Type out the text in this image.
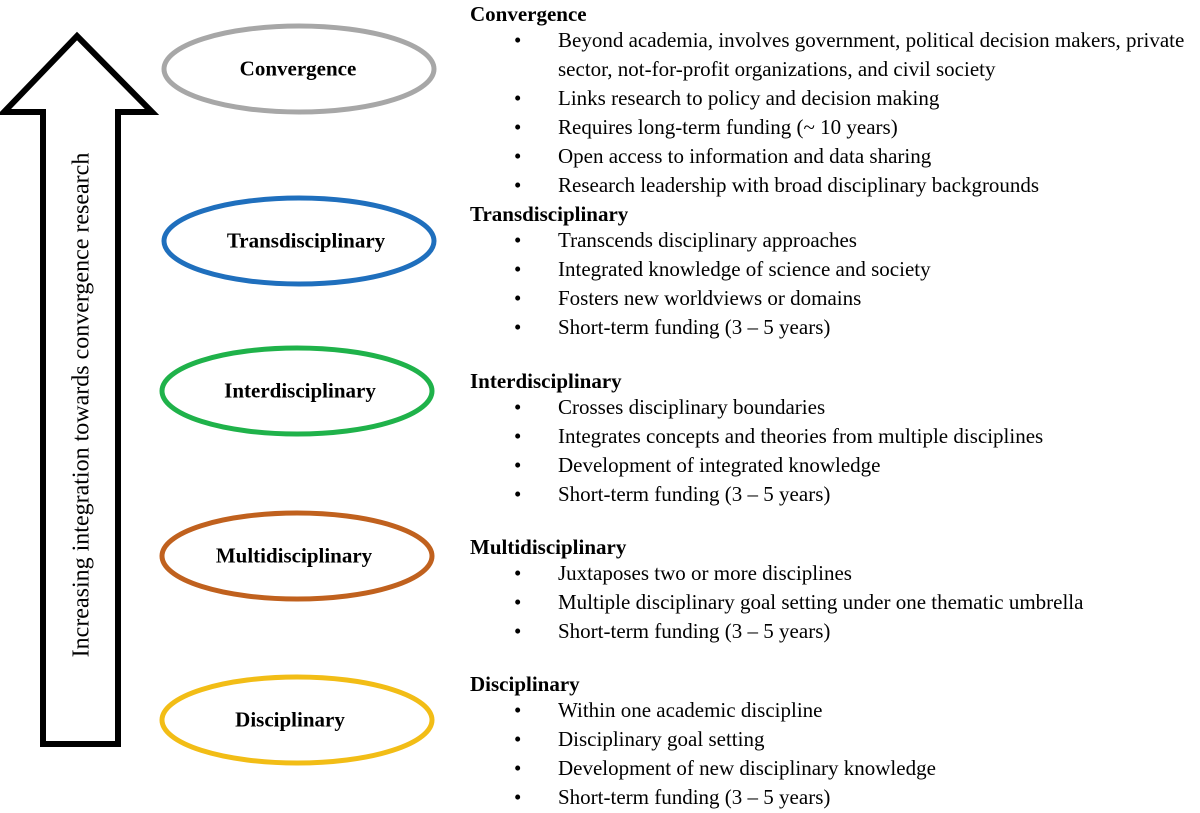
Increasing integration towards convergence research
Convergence
Transdisciplinary
Interdisciplinary
Multidisciplinary
Disciplinary
Convergence
• Beyond academia, involves government, political decision makers, private sector, not-for-profit organizations, and civil society
• Links research to policy and decision making
• Requires long-term funding (~ 10 years)
• Open access to information and data sharing
• Research leadership with broad disciplinary backgrounds
Transdisciplinary
• Transcends disciplinary approaches
• Integrated knowledge of science and society
• Fosters new worldviews or domains
• Short-term funding (3 – 5 years)
Interdisciplinary
• Crosses disciplinary boundaries
• Integrates concepts and theories from multiple disciplines
• Development of integrated knowledge
• Short-term funding (3 – 5 years)
Multidisciplinary
• Juxtaposes two or more disciplines
• Multiple disciplinary goal setting under one thematic umbrella
• Short-term funding (3 – 5 years)
Disciplinary
• Within one academic discipline
• Disciplinary goal setting
• Development of new disciplinary knowledge
• Short-term funding (3 – 5 years)
